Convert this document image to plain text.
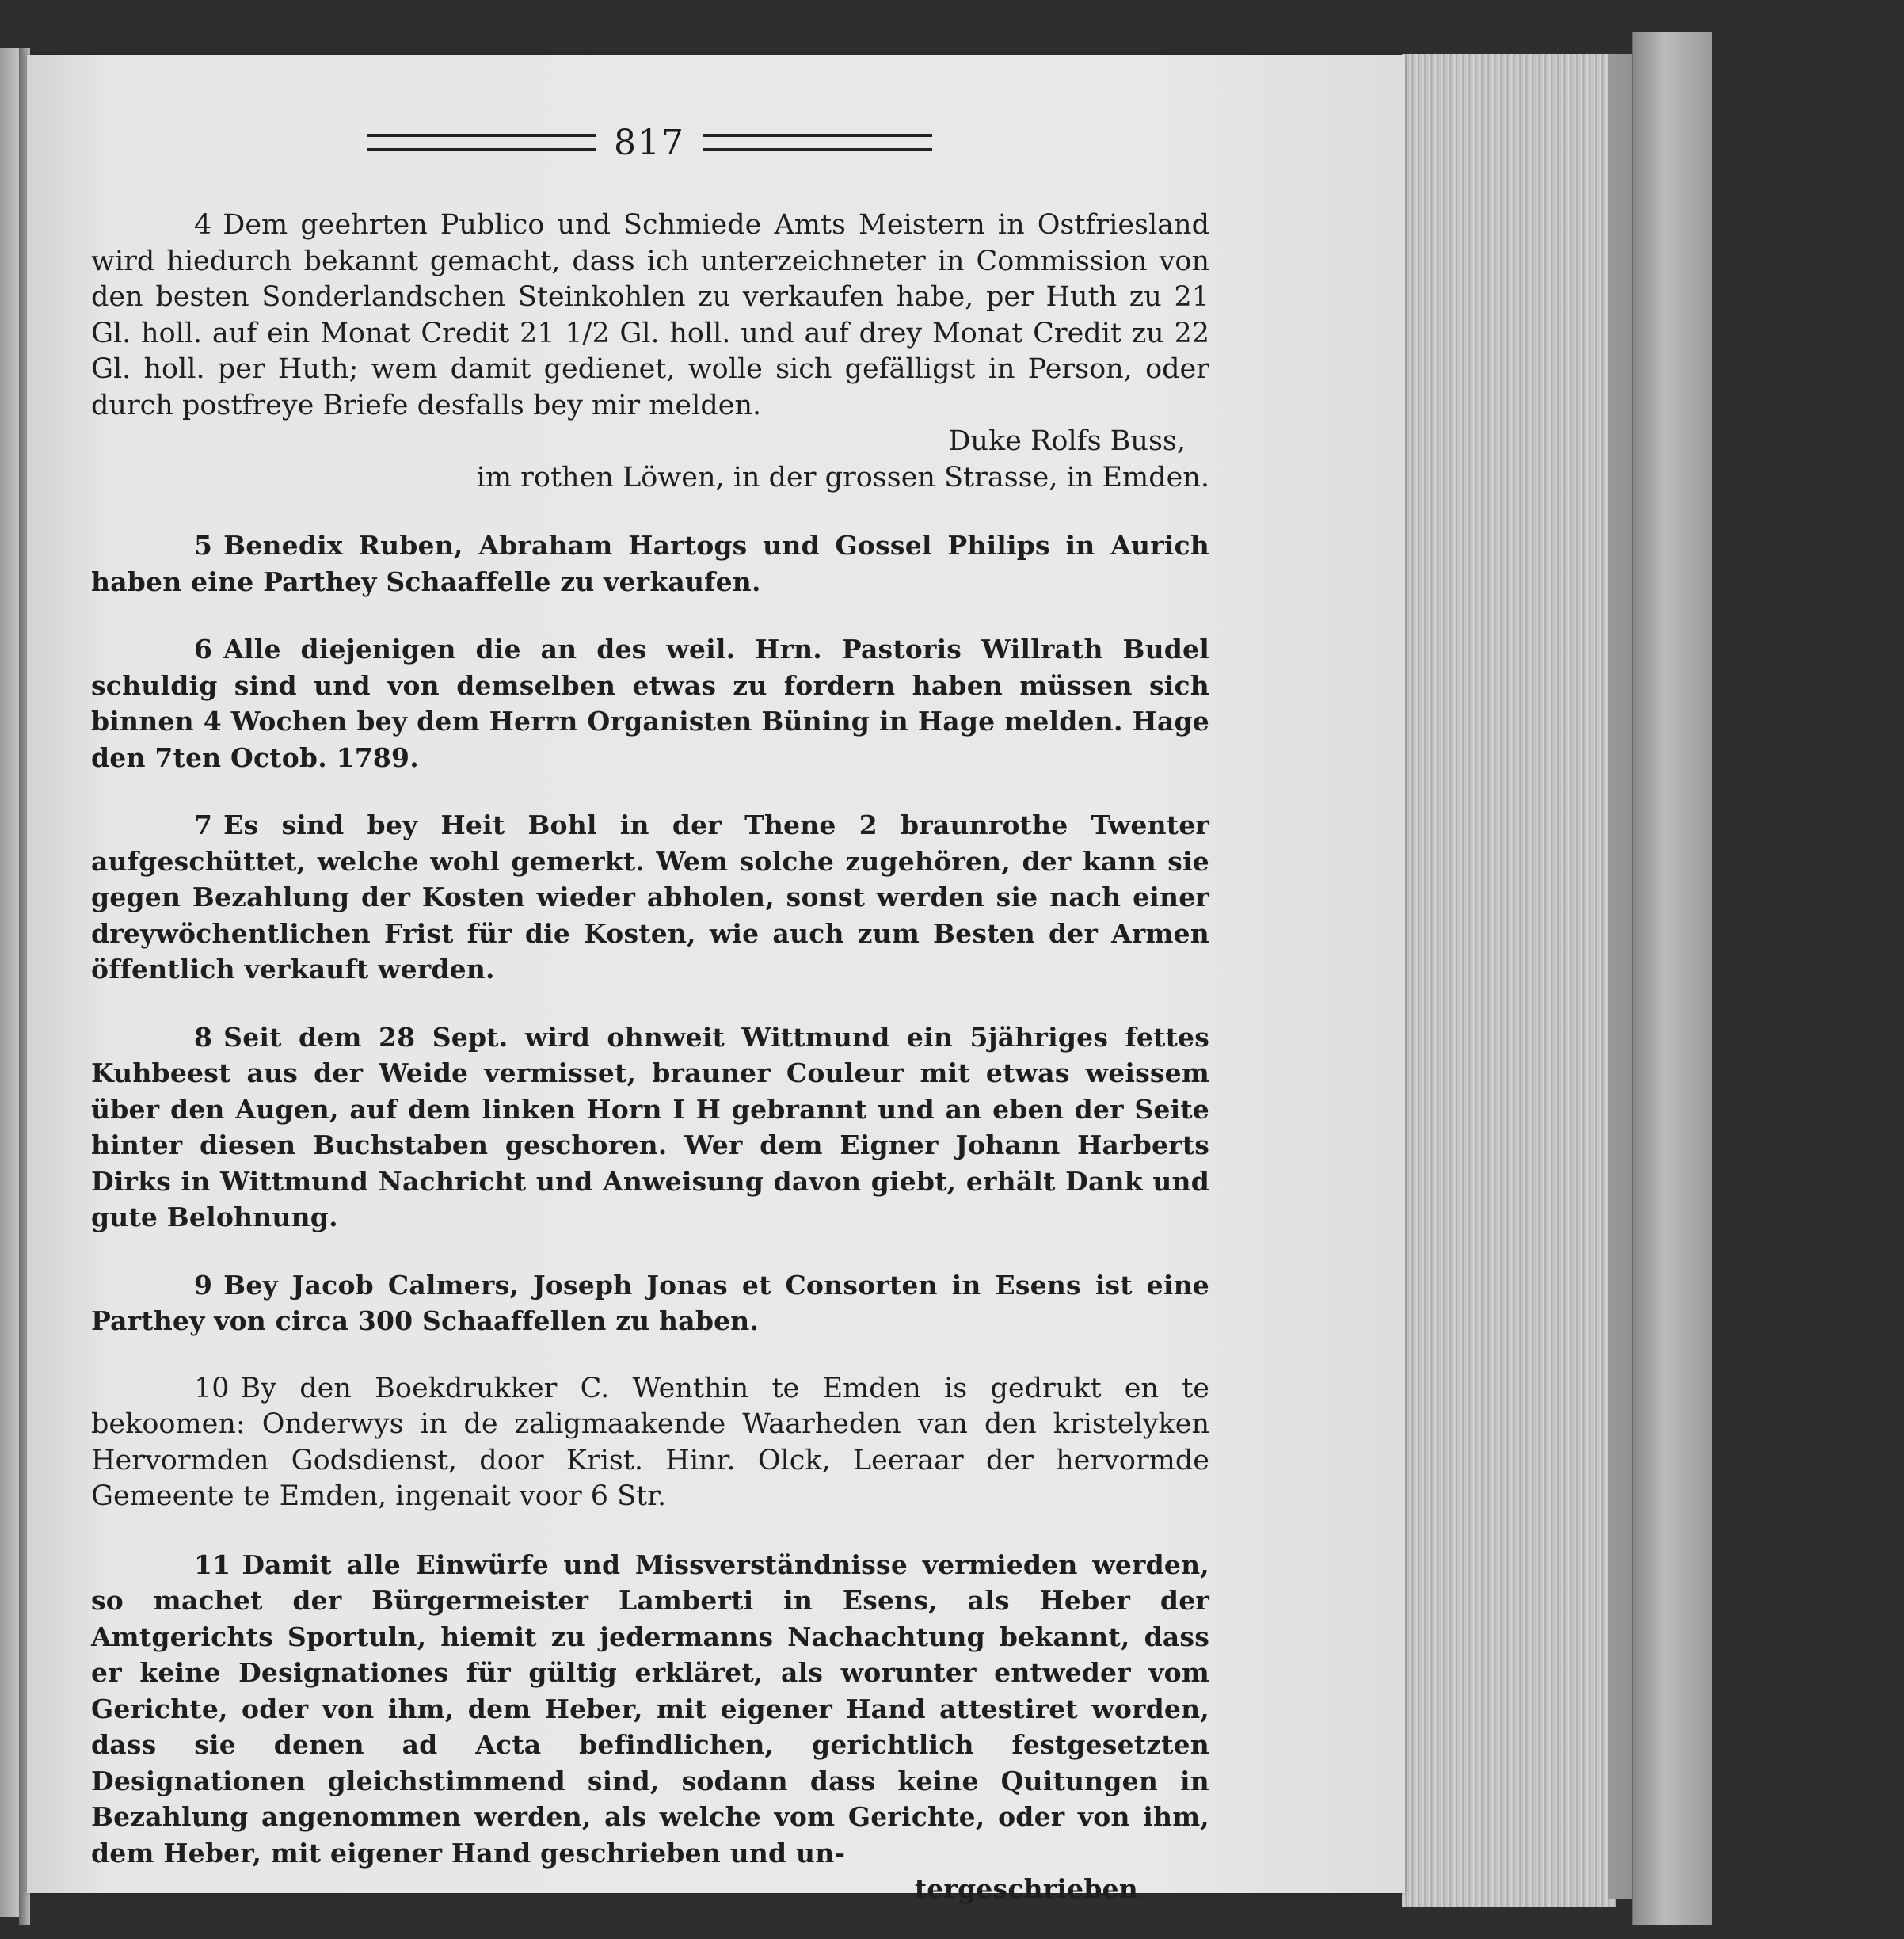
817

4 Dem geehrten Publico und Schmiede Amts Meistern in Ostfriesland wird hiedurch bekannt gemacht, dass ich unterzeichneter in Commission von den besten Sonderlandschen Steinkohlen zu verkaufen habe, per Huth zu 21 Gl. holl. auf ein Monat Credit 21 1/2 Gl. holl. und auf drey Monat Credit zu 22 Gl. holl. per Huth; wem damit gedienet, wolle sich gefälligst in Person, oder durch postfreye Briefe desfalls bey mir melden.
Duke Rolfs Buss,
im rothen Löwen, in der grossen Strasse, in Emden.

5 Benedix Ruben, Abraham Hartogs und Gossel Philips in Aurich haben eine Parthey Schaaffelle zu verkaufen.

6 Alle diejenigen die an des weil. Hrn. Pastoris Willrath Budel schuldig sind und von demselben etwas zu fordern haben müssen sich binnen 4 Wochen bey dem Herrn Organisten Büning in Hage melden. Hage den 7ten Octob. 1789.

7 Es sind bey Heit Bohl in der Thene 2 braunrothe Twenter aufgeschüttet, welche wohl gemerkt. Wem solche zugehören, der kann sie gegen Bezahlung der Kosten wieder abholen, sonst werden sie nach einer dreywöchentlichen Frist für die Kosten, wie auch zum Besten der Armen öffentlich verkauft werden.

8 Seit dem 28 Sept. wird ohnweit Wittmund ein 5jähriges fettes Kuhbeest aus der Weide vermisset, brauner Couleur mit etwas weissem über den Augen, auf dem linken Horn I H gebrannt und an eben der Seite hinter diesen Buchstaben geschoren. Wer dem Eigner Johann Harberts Dirks in Wittmund Nachricht und Anweisung davon giebt, erhält Dank und gute Belohnung.

9 Bey Jacob Calmers, Joseph Jonas et Consorten in Esens ist eine Parthey von circa 300 Schaaffellen zu haben.

10 By den Boekdrukker C. Wenthin te Emden is gedrukt en te bekoomen: Onderwys in de zaligmaakende Waarheden van den kristelyken Hervormden Godsdienst, door Krist. Hinr. Olck, Leeraar der hervormde Gemeente te Emden, ingenait voor 6 Str.

11 Damit alle Einwürfe und Missverständnisse vermieden werden, so machet der Bürgermeister Lamberti in Esens, als Heber der Amtgerichts Sportuln, hiemit zu jedermanns Nachachtung bekannt, dass er keine Designationes für gültig erkläret, als worunter entweder vom Gerichte, oder von ihm, dem Heber, mit eigener Hand attestiret worden, dass sie denen ad Acta befindlichen, gerichtlich festgesetzten Designationen gleichstimmend sind, sodann dass keine Quitungen in Bezahlung angenommen werden, als welche vom Gerichte, oder von ihm, dem Heber, mit eigener Hand geschrieben und un-
tergeschrieben
